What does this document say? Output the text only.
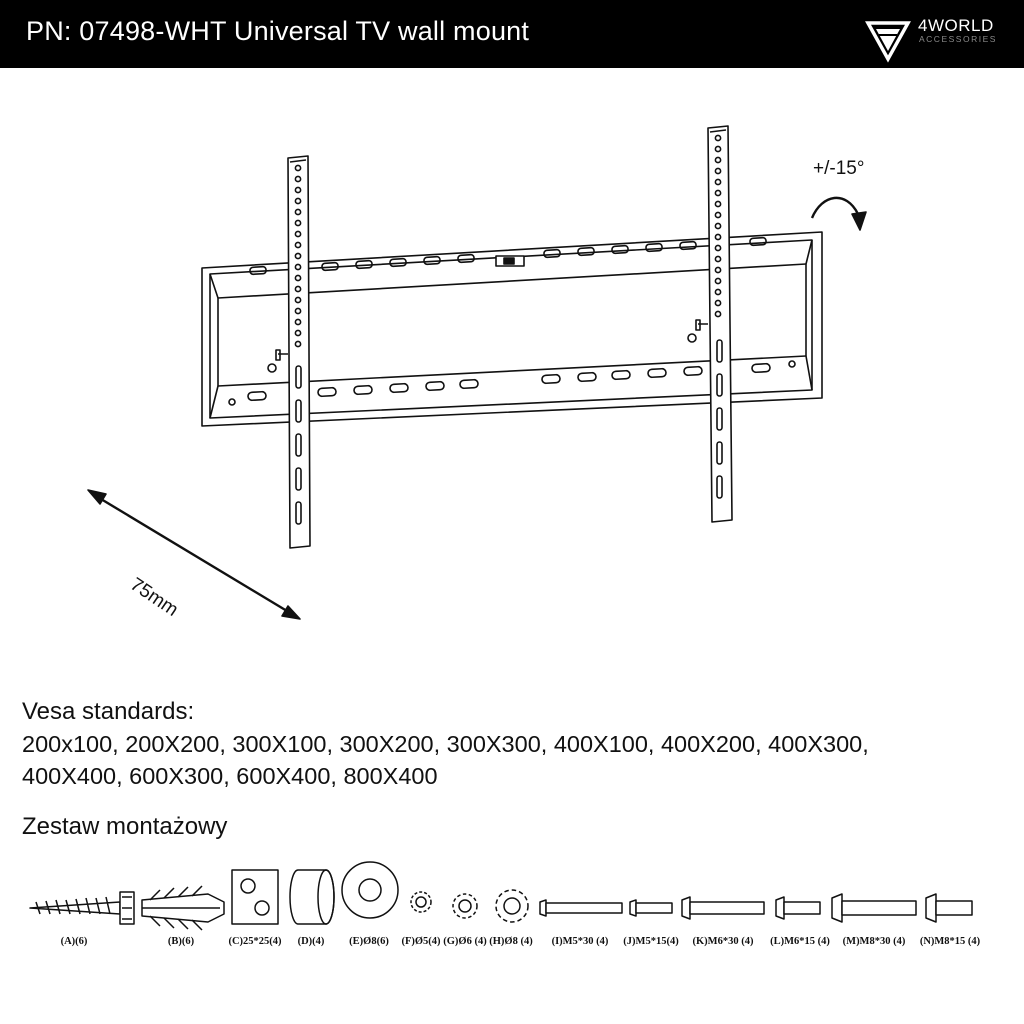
PN: 07498-WHT Universal TV wall mount	4WORLD
ACCESSORIES
+/-15°
75mm
Vesa standards:
200x100, 200X200, 300X100, 300X200, 300X300, 400X100, 400X200, 400X300,
400X400, 600X300, 600X400, 800X400
Zestaw montażowy
(A)(6)	(B)(6)	(C)25*25(4) (D)(4) (E)Ø8(6) (F)Ø5(4) (G)Ø6 (4) (H)Ø8 (4) (I)M5*30 (4) (J)M5*15(4) (K)M6*30 (4) (L)M6*15 (4) (M)M8*30 (4) (N)M8*15 (4)
